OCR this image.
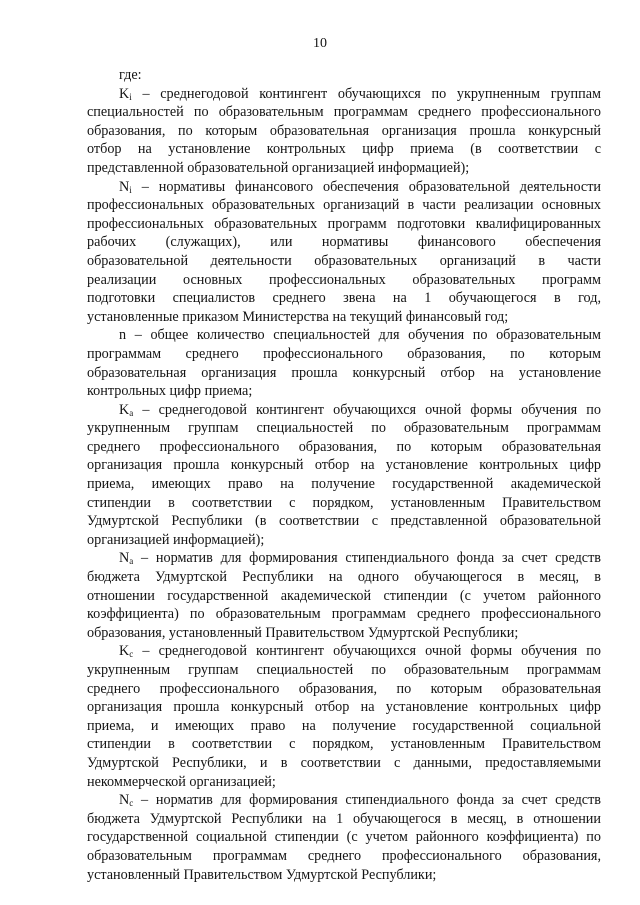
10
где:
$K_i$ – среднегодовой контингент обучающихся по укрупненным группам
специальностей по образовательным программам среднего профессионального
образования, по которым образовательная организация прошла конкурсный
отбор на установление контрольных цифр приема (в соответствии с
представленной образовательной организацией информацией);
$N_i$ – нормативы финансового обеспечения образовательной деятельности
профессиональных образовательных организаций в части реализации основных
профессиональных образовательных программ подготовки квалифицированных
рабочих (служащих), или нормативы финансового обеспечения
образовательной деятельности образовательных организаций в части
реализации основных профессиональных образовательных программ
подготовки специалистов среднего звена на 1 обучающегося в год,
установленные приказом Министерства на текущий финансовый год;
n – общее количество специальностей для обучения по образовательным
программам среднего профессионального образования, по которым
образовательная организация прошла конкурсный отбор на установление
контрольных цифр приема;
$K_a$ – среднегодовой контингент обучающихся очной формы обучения по
укрупненным группам специальностей по образовательным программам
среднего профессионального образования, по которым образовательная
организация прошла конкурсный отбор на установление контрольных цифр
приема, имеющих право на получение государственной академической
стипендии в соответствии с порядком, установленным Правительством
Удмуртской Республики (в соответствии с представленной образовательной
организацией информацией);
$N_a$ – норматив для формирования стипендиального фонда за счет средств
бюджета Удмуртской Республики на одного обучающегося в месяц, в
отношении государственной академической стипендии (с учетом районного
коэффициента) по образовательным программам среднего профессионального
образования, установленный Правительством Удмуртской Республики;
$K_c$ – среднегодовой контингент обучающихся очной формы обучения по
укрупненным группам специальностей по образовательным программам
среднего профессионального образования, по которым образовательная
организация прошла конкурсный отбор на установление контрольных цифр
приема, и имеющих право на получение государственной социальной
стипендии в соответствии с порядком, установленным Правительством
Удмуртской Республики, и в соответствии с данными, предоставляемыми
некоммерческой организацией;
$N_c$ – норматив для формирования стипендиального фонда за счет средств
бюджета Удмуртской Республики на 1 обучающегося в месяц, в отношении
государственной социальной стипендии (с учетом районного коэффициента) по
образовательным программам среднего профессионального образования,
установленный Правительством Удмуртской Республики;
